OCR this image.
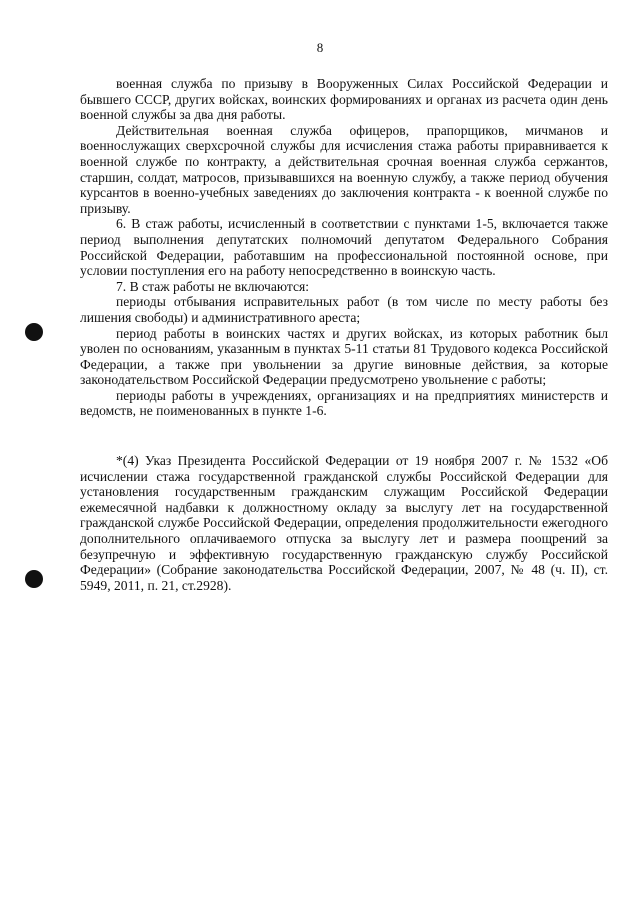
8

военная служба по призыву в Вооруженных Силах Российской Федерации и бывшего СССР, других войсках, воинских формированиях и органах из расчета один день военной службы за два дня работы.

Действительная военная служба офицеров, прапорщиков, мичманов и военнослужащих сверхсрочной службы для исчисления стажа работы приравнивается к военной службе по контракту, а действительная срочная военная служба сержантов, старшин, солдат, матросов, призывавшихся на военную службу, а также период обучения курсантов в военно-учебных заведениях до заключения контракта - к военной службе по призыву.

6. В стаж работы, исчисленный в соответствии с пунктами 1-5, включается также период выполнения депутатских полномочий депутатом Федерального Собрания Российской Федерации, работавшим на профессиональной постоянной основе, при условии поступления его на работу непосредственно в воинскую часть.

7. В стаж работы не включаются:

периоды отбывания исправительных работ (в том числе по месту работы без лишения свободы) и административного ареста;

период работы в воинских частях и других войсках, из которых работник был уволен по основаниям, указанным в пунктах 5-11 статьи 81 Трудового кодекса Российской Федерации, а также при увольнении за другие виновные действия, за которые законодательством Российской Федерации предусмотрено увольнение с работы;

периоды работы в учреждениях, организациях и на предприятиях министерств и ведомств, не поименованных в пункте 1-6.

*(4) Указ Президента Российской Федерации от 19 ноября 2007 г. № 1532 «Об исчислении стажа государственной гражданской службы Российской Федерации для установления государственным гражданским служащим Российской Федерации ежемесячной надбавки к должностному окладу за выслугу лет на государственной гражданской службе Российской Федерации, определения продолжительности ежегодного дополнительного оплачиваемого отпуска за выслугу лет и размера поощрений за безупречную и эффективную государственную гражданскую службу Российской Федерации» (Собрание законодательства Российской Федерации, 2007, № 48 (ч. II), ст. 5949, 2011, п. 21, ст.2928).
